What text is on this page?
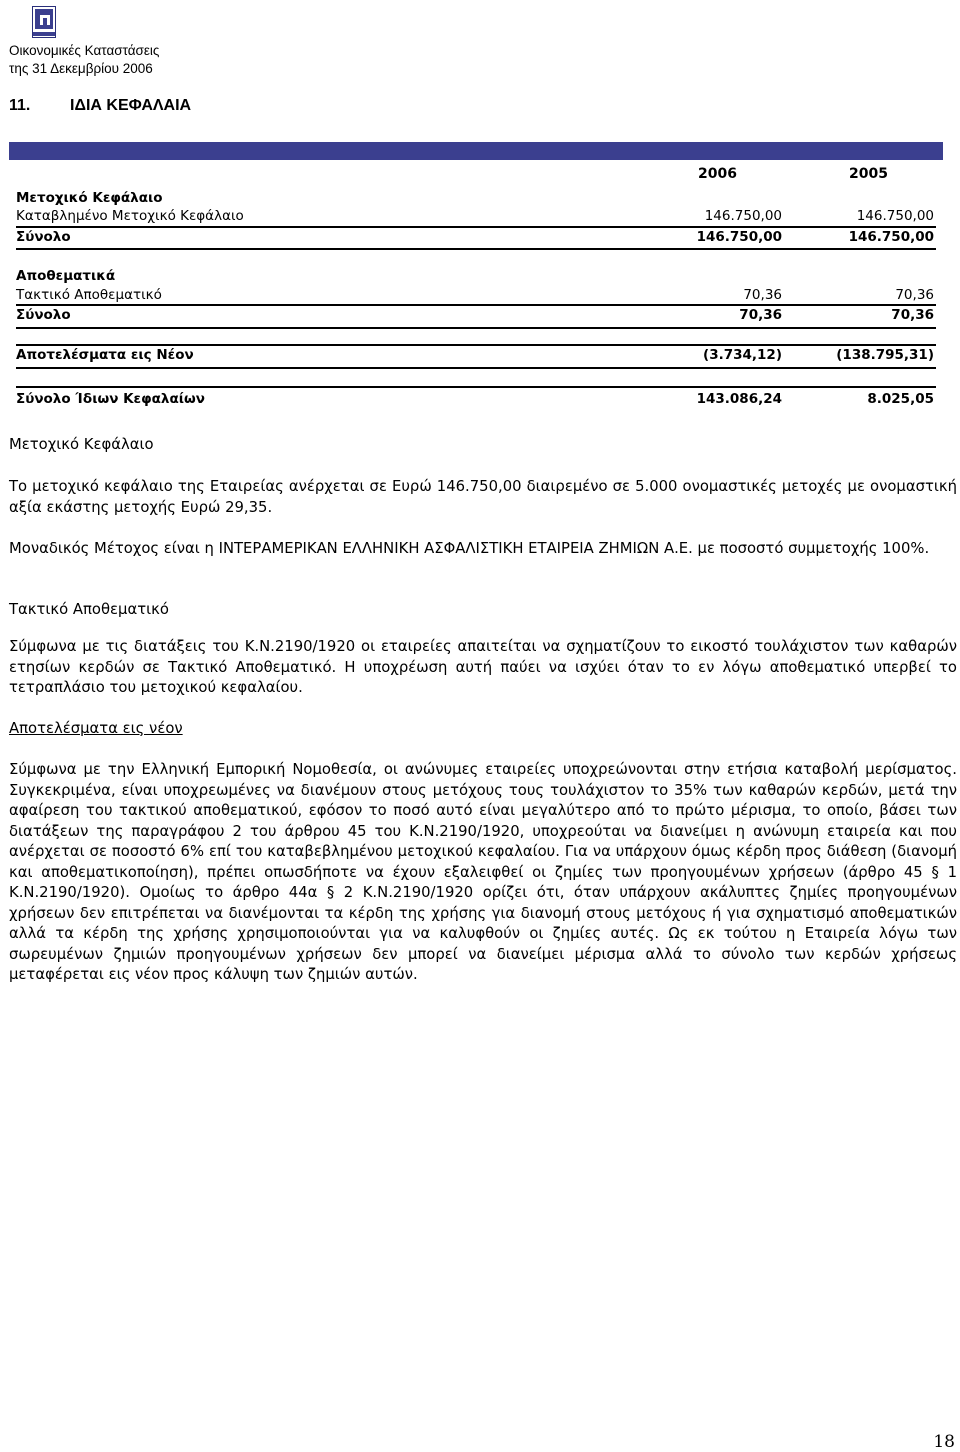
Οικονομικές Καταστάσεις
της 31 Δεκεμβρίου 2006
11. ΙΔΙΑ ΚΕΦΑΛΑΙΑ
2006	2005
Μετοχικό Κεφάλαιο
Καταβλημένο Μετοχικό Κεφάλαιο	146.750,00	146.750,00
Σύνολο	146.750,00	146.750,00
Αποθεματικά
Τακτικό Αποθεματικό	70,36	70,36
Σύνολο	70,36	70,36
Αποτελέσματα εις Νέον	(3.734,12)	(138.795,31)
Σύνολο Ίδιων Κεφαλαίων	143.086,24	8.025,05
Μετοχικό Κεφάλαιο
Το μετοχικό κεφάλαιο της Εταιρείας ανέρχεται σε Ευρώ 146.750,00 διαιρεμένο σε 5.000 ονομαστικές μετοχές με ονομαστική αξία εκάστης μετοχής Ευρώ 29,35.
Μοναδικός Μέτοχος είναι η ΙΝΤΕΡΑΜΕΡΙΚΑΝ ΕΛΛΗΝΙΚΗ ΑΣΦΑΛΙΣΤΙΚΗ ΕΤΑΙΡΕΙΑ ΖΗΜΙΩΝ Α.Ε. με ποσοστό συμμετοχής 100%.
Τακτικό Αποθεματικό
Σύμφωνα με τις διατάξεις του Κ.Ν.2190/1920 οι εταιρείες απαιτείται να σχηματίζουν το εικοστό τουλάχιστον των καθαρών ετησίων κερδών σε Τακτικό Αποθεματικό. Η υποχρέωση αυτή παύει να ισχύει όταν το εν λόγω αποθεματικό υπερβεί το τετραπλάσιο του μετοχικού κεφαλαίου.
Αποτελέσματα εις νέον
Σύμφωνα με την Ελληνική Εμπορική Νομοθεσία, οι ανώνυμες εταιρείες υποχρεώνονται στην ετήσια καταβολή μερίσματος. Συγκεκριμένα, είναι υποχρεωμένες να διανέμουν στους μετόχους τους τουλάχιστον το 35% των καθαρών κερδών, μετά την αφαίρεση του τακτικού αποθεματικού, εφόσον το ποσό αυτό είναι μεγαλύτερο από το πρώτο μέρισμα, το οποίο, βάσει των διατάξεων της παραγράφου 2 του άρθρου 45 του Κ.Ν.2190/1920, υποχρεούται να διανείμει η ανώνυμη εταιρεία και που ανέρχεται σε ποσοστό 6% επί του καταβεβλημένου μετοχικού κεφαλαίου. Για να υπάρχουν όμως κέρδη προς διάθεση (διανομή και αποθεματικοποίηση), πρέπει οπωσδήποτε να έχουν εξαλειφθεί οι ζημίες των προηγουμένων χρήσεων (άρθρο 45 § 1 Κ.Ν.2190/1920). Ομοίως το άρθρο 44α § 2 Κ.Ν.2190/1920 ορίζει ότι, όταν υπάρχουν ακάλυπτες ζημίες προηγουμένων χρήσεων δεν επιτρέπεται να διανέμονται τα κέρδη της χρήσης για διανομή στους μετόχους ή για σχηματισμό αποθεματικών αλλά τα κέρδη της χρήσης χρησιμοποιούνται για να καλυφθούν οι ζημίες αυτές. Ως εκ τούτου η Εταιρεία λόγω των σωρευμένων ζημιών προηγουμένων χρήσεων δεν μπορεί να διανείμει μέρισμα αλλά το σύνολο των κερδών χρήσεως μεταφέρεται εις νέον προς κάλυψη των ζημιών αυτών.
18
